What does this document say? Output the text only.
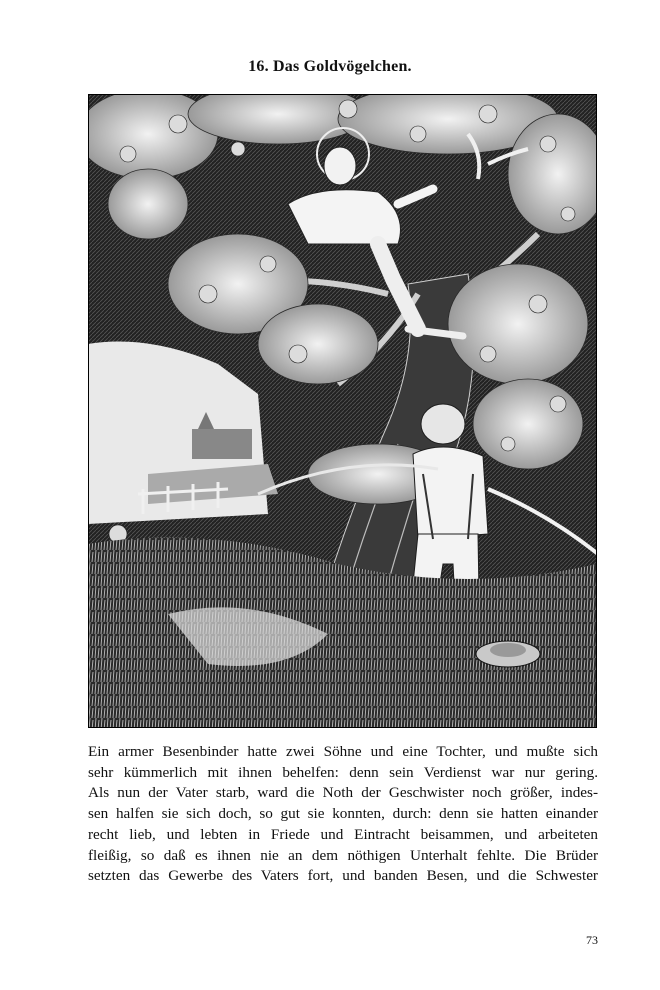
16. Das Goldvögelchen.
Ein armer Besenbinder hatte zwei Söhne und eine Tochter, und mußte sich
sehr kümmerlich mit ihnen behelfen: denn sein Verdienst war nur gering.
Als nun der Vater starb, ward die Noth der Geschwister noch größer, indes-
sen halfen sie sich doch, so gut sie konnten, durch: denn sie hatten einander
recht lieb, und lebten in Friede und Eintracht beisammen, und arbeiteten
fleißig, so daß es ihnen nie an dem nöthigen Unterhalt fehlte. Die Brüder
setzten das Gewerbe des Vaters fort, und banden Besen, und die Schwester
73
